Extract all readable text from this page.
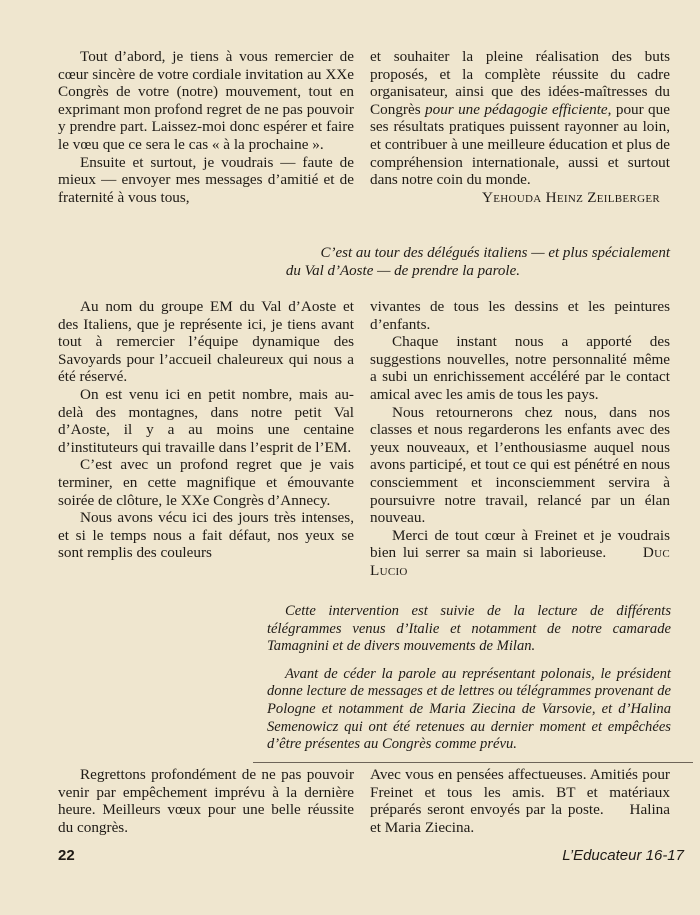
Tout d’abord, je tiens à vous remercier de cœur sincère de votre cordiale invitation au XXe Congrès de votre (notre) mouvement, tout en exprimant mon profond regret de ne pas pouvoir y prendre part. Laissez-moi donc espérer et faire le vœu que ce sera le cas « à la prochaine ».

Ensuite et surtout, je voudrais — faute de mieux — envoyer mes messages d’amitié et de fraternité à vous tous,

et souhaiter la pleine réalisation des buts proposés, et la complète réussite du cadre organisateur, ainsi que des idées-maîtresses du Congrès pour une pédagogie efficiente, pour que ses résultats pratiques puissent rayonner au loin, et contribuer à une meilleure éducation et plus de compréhension internationale, aussi et surtout dans notre coin du monde.

Yehouda Heinz Zeilberger
C’est au tour des délégués italiens — et plus spécialement
du Val d’Aoste — de prendre la parole.

Au nom du groupe EM du Val d’Aoste et des Italiens, que je représente ici, je tiens avant tout à remercier l’équipe dynamique des Savoyards pour l’accueil chaleureux qui nous a été réservé.

On est venu ici en petit nombre, mais au-delà des montagnes, dans notre petit Val d’Aoste, il y a au moins une centaine d’instituteurs qui travaille dans l’esprit de l’EM.

C’est avec un profond regret que je vais terminer, en cette magnifique et émouvante soirée de clôture, le XXe Congrès d’Annecy.

Nous avons vécu ici des jours très intenses, et si le temps nous a fait défaut, nos yeux se sont remplis des couleurs

vivantes de tous les dessins et les peintures d’enfants.

Chaque instant nous a apporté des suggestions nouvelles, notre personnalité même a subi un enrichissement accéléré par le contact amical avec les amis de tous les pays.

Nous retournerons chez nous, dans nos classes et nous regarderons les enfants avec des yeux nouveaux, et l’enthousiasme auquel nous avons participé, et tout ce qui est pénétré en nous consciemment et inconsciemment servira à poursuivre notre travail, relancé par un élan nouveau.

Merci de tout cœur à Freinet et je voudrais bien lui serrer sa main si laborieuse. Duc Lucio

Cette intervention est suivie de la lecture de différents télégrammes venus d’Italie et notamment de notre camarade Tamagnini et de divers mouvements de Milan.

Avant de céder la parole au représentant polonais, le président donne lecture de messages et de lettres ou télégrammes provenant de Pologne et notamment de Maria Ziecina de Varsovie, et d’Halina Semenowicz qui ont été retenues au dernier moment et empêchées d’être présentes au Congrès comme prévu.

Regrettons profondément de ne pas pouvoir venir par empêchement imprévu à la dernière heure. Meilleurs vœux pour une belle réussite du congrès.

Avec vous en pensées affectueuses. Amitiés pour Freinet et tous les amis. BT et matériaux préparés seront envoyés par la poste. Halina et Maria Ziecina.

22	L’Educateur 16-17
